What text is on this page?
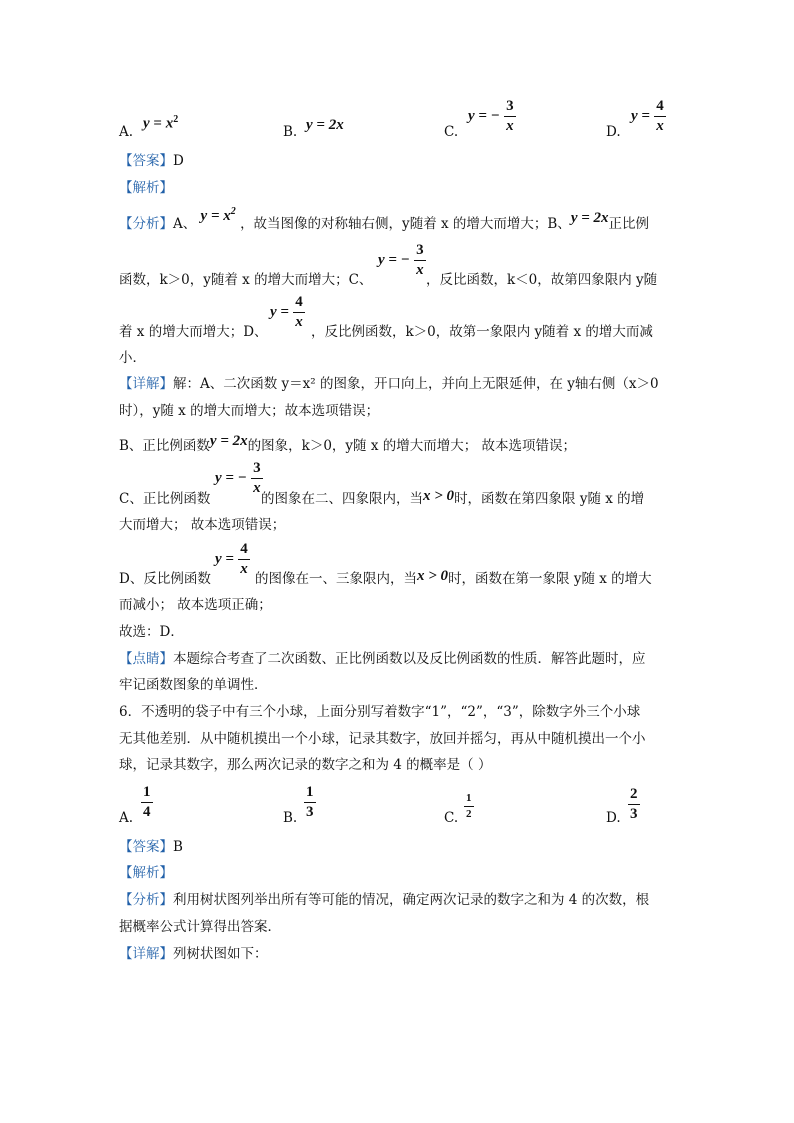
A.
$y = x^2$
B. y = 2x	C.
y = − $\frac{3}{x}$	D.
$y = \frac{4}{x}$
【答案】D
【解析】
【分析】A、 $y = x^2$ ，故当图像的对称轴右侧，y随着 x 的增大而增大；B、y = 2x正比例
函数，k＞0，y随着 x 的增大而增大；C、
y = − $\frac{3}{x}$
，反比函数，k＜0，故第四象限内 y随
着 x 的增大而增大；D、
$y = \frac{4}{x}$
，反比例函数，k＞0，故第一象限内 y随着 x 的增大而减
小．
【详解】解：A、二次函数 y＝x² 的图象，开口向上，并向上无限延伸，在 y轴右侧（x＞0
时），y随 x 的增大而增大；故本选项错误；
B、正比例函数y = 2x的图象，k＞0，y随 x 的增大而增大； 故本选项错误；
C、正比例函数
y = − $\frac{3}{x}$
的图象在二、四象限内，当x > 0时，函数在第四象限 y随 x 的增
大而增大； 故本选项错误；
D、反比例函数
$y = \frac{4}{x}$
的图像在一、三象限内，当x > 0时，函数在第一象限 y随 x 的增大
而减小； 故本选项正确；
故选：D．
【点睛】本题综合考查了二次函数、正比例函数以及反比例函数的性质．解答此题时，应
牢记函数图象的单调性．
6．不透明的袋子中有三个小球，上面分别写着数字“1”，“2”，“3”，除数字外三个小球
无其他差别．从中随机摸出一个小球，记录其数字，放回并摇匀，再从中随机摸出一个小
球，记录其数字，那么两次记录的数字之和为 4 的概率是（ ）
A. $\frac{1}{4}$	B. $\frac{1}{3}$	C. $\frac{1}{2}$	D. $\frac{2}{3}$
【答案】B
【解析】
【分析】利用树状图列举出所有等可能的情况，确定两次记录的数字之和为 4 的次数，根
据概率公式计算得出答案．
【详解】列树状图如下：
